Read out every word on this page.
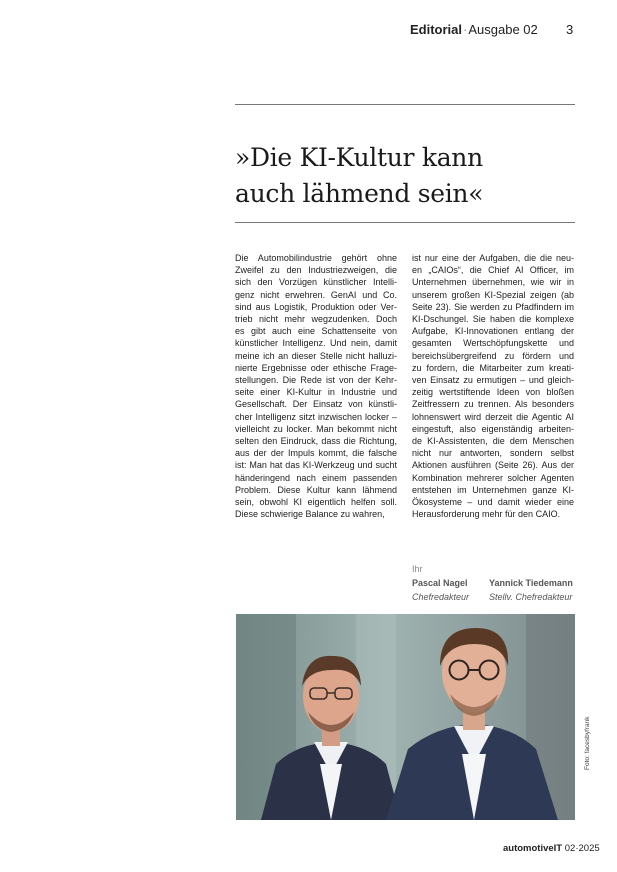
Editorial·Ausgabe 02 3
»Die KI-Kultur kann
auch lähmend sein«
Die Automobilindustrie gehört ohne
Zweifel zu den Industriezweigen, die
sich den Vorzügen künstlicher Intelli-
genz nicht erwehren. GenAI und Co.
sind aus Logistik, Produktion oder Ver-
trieb nicht mehr wegzudenken. Doch
es gibt auch eine Schattenseite von
künstlicher Intelligenz. Und nein, damit
meine ich an dieser Stelle nicht halluzi-
nierte Ergebnisse oder ethische Frage-
stellungen. Die Rede ist von der Kehr-
seite einer KI-Kultur in Industrie und
Gesellschaft. Der Einsatz von künstli-
cher Intelligenz sitzt inzwischen locker –
vielleicht zu locker. Man bekommt nicht
selten den Eindruck, dass die Richtung,
aus der der Impuls kommt, die falsche
ist: Man hat das KI-Werkzeug und sucht
händeringend nach einem passenden
Problem. Diese Kultur kann lähmend
sein, obwohl KI eigentlich helfen soll.
Diese schwierige Balance zu wahren,
ist nur eine der Aufgaben, die die neu-
en „CAIOs“, die Chief AI Officer, im
Unternehmen übernehmen, wie wir in
unserem großen KI-Spezial zeigen (ab
Seite 23). Sie werden zu Pfadfindern im
KI-Dschungel. Sie haben die komplexe
Aufgabe, KI-Innovationen entlang der
gesamten Wertschöpfungskette und
bereichsübergreifend zu fördern und
zu fordern, die Mitarbeiter zum kreati-
ven Einsatz zu ermutigen – und gleich-
zeitig wertstiftende Ideen von bloßen
Zeitfressern zu trennen. Als besonders
lohnenswert wird derzeit die Agentic AI
eingestuft, also eigenständig arbeiten-
de KI-Assistenten, die dem Menschen
nicht nur antworten, sondern selbst
Aktionen ausführen (Seite 26). Aus der
Kombination mehrerer solcher Agenten
entstehen im Unternehmen ganze KI-
Ökosysteme – und damit wieder eine
Herausforderung mehr für den CAIO.
Ihr
Pascal Nagel Yannick Tiedemann
Chefredakteur Stellv. Chefredakteur
Foto: facesbyfrank
automotiveIT 02·2025
